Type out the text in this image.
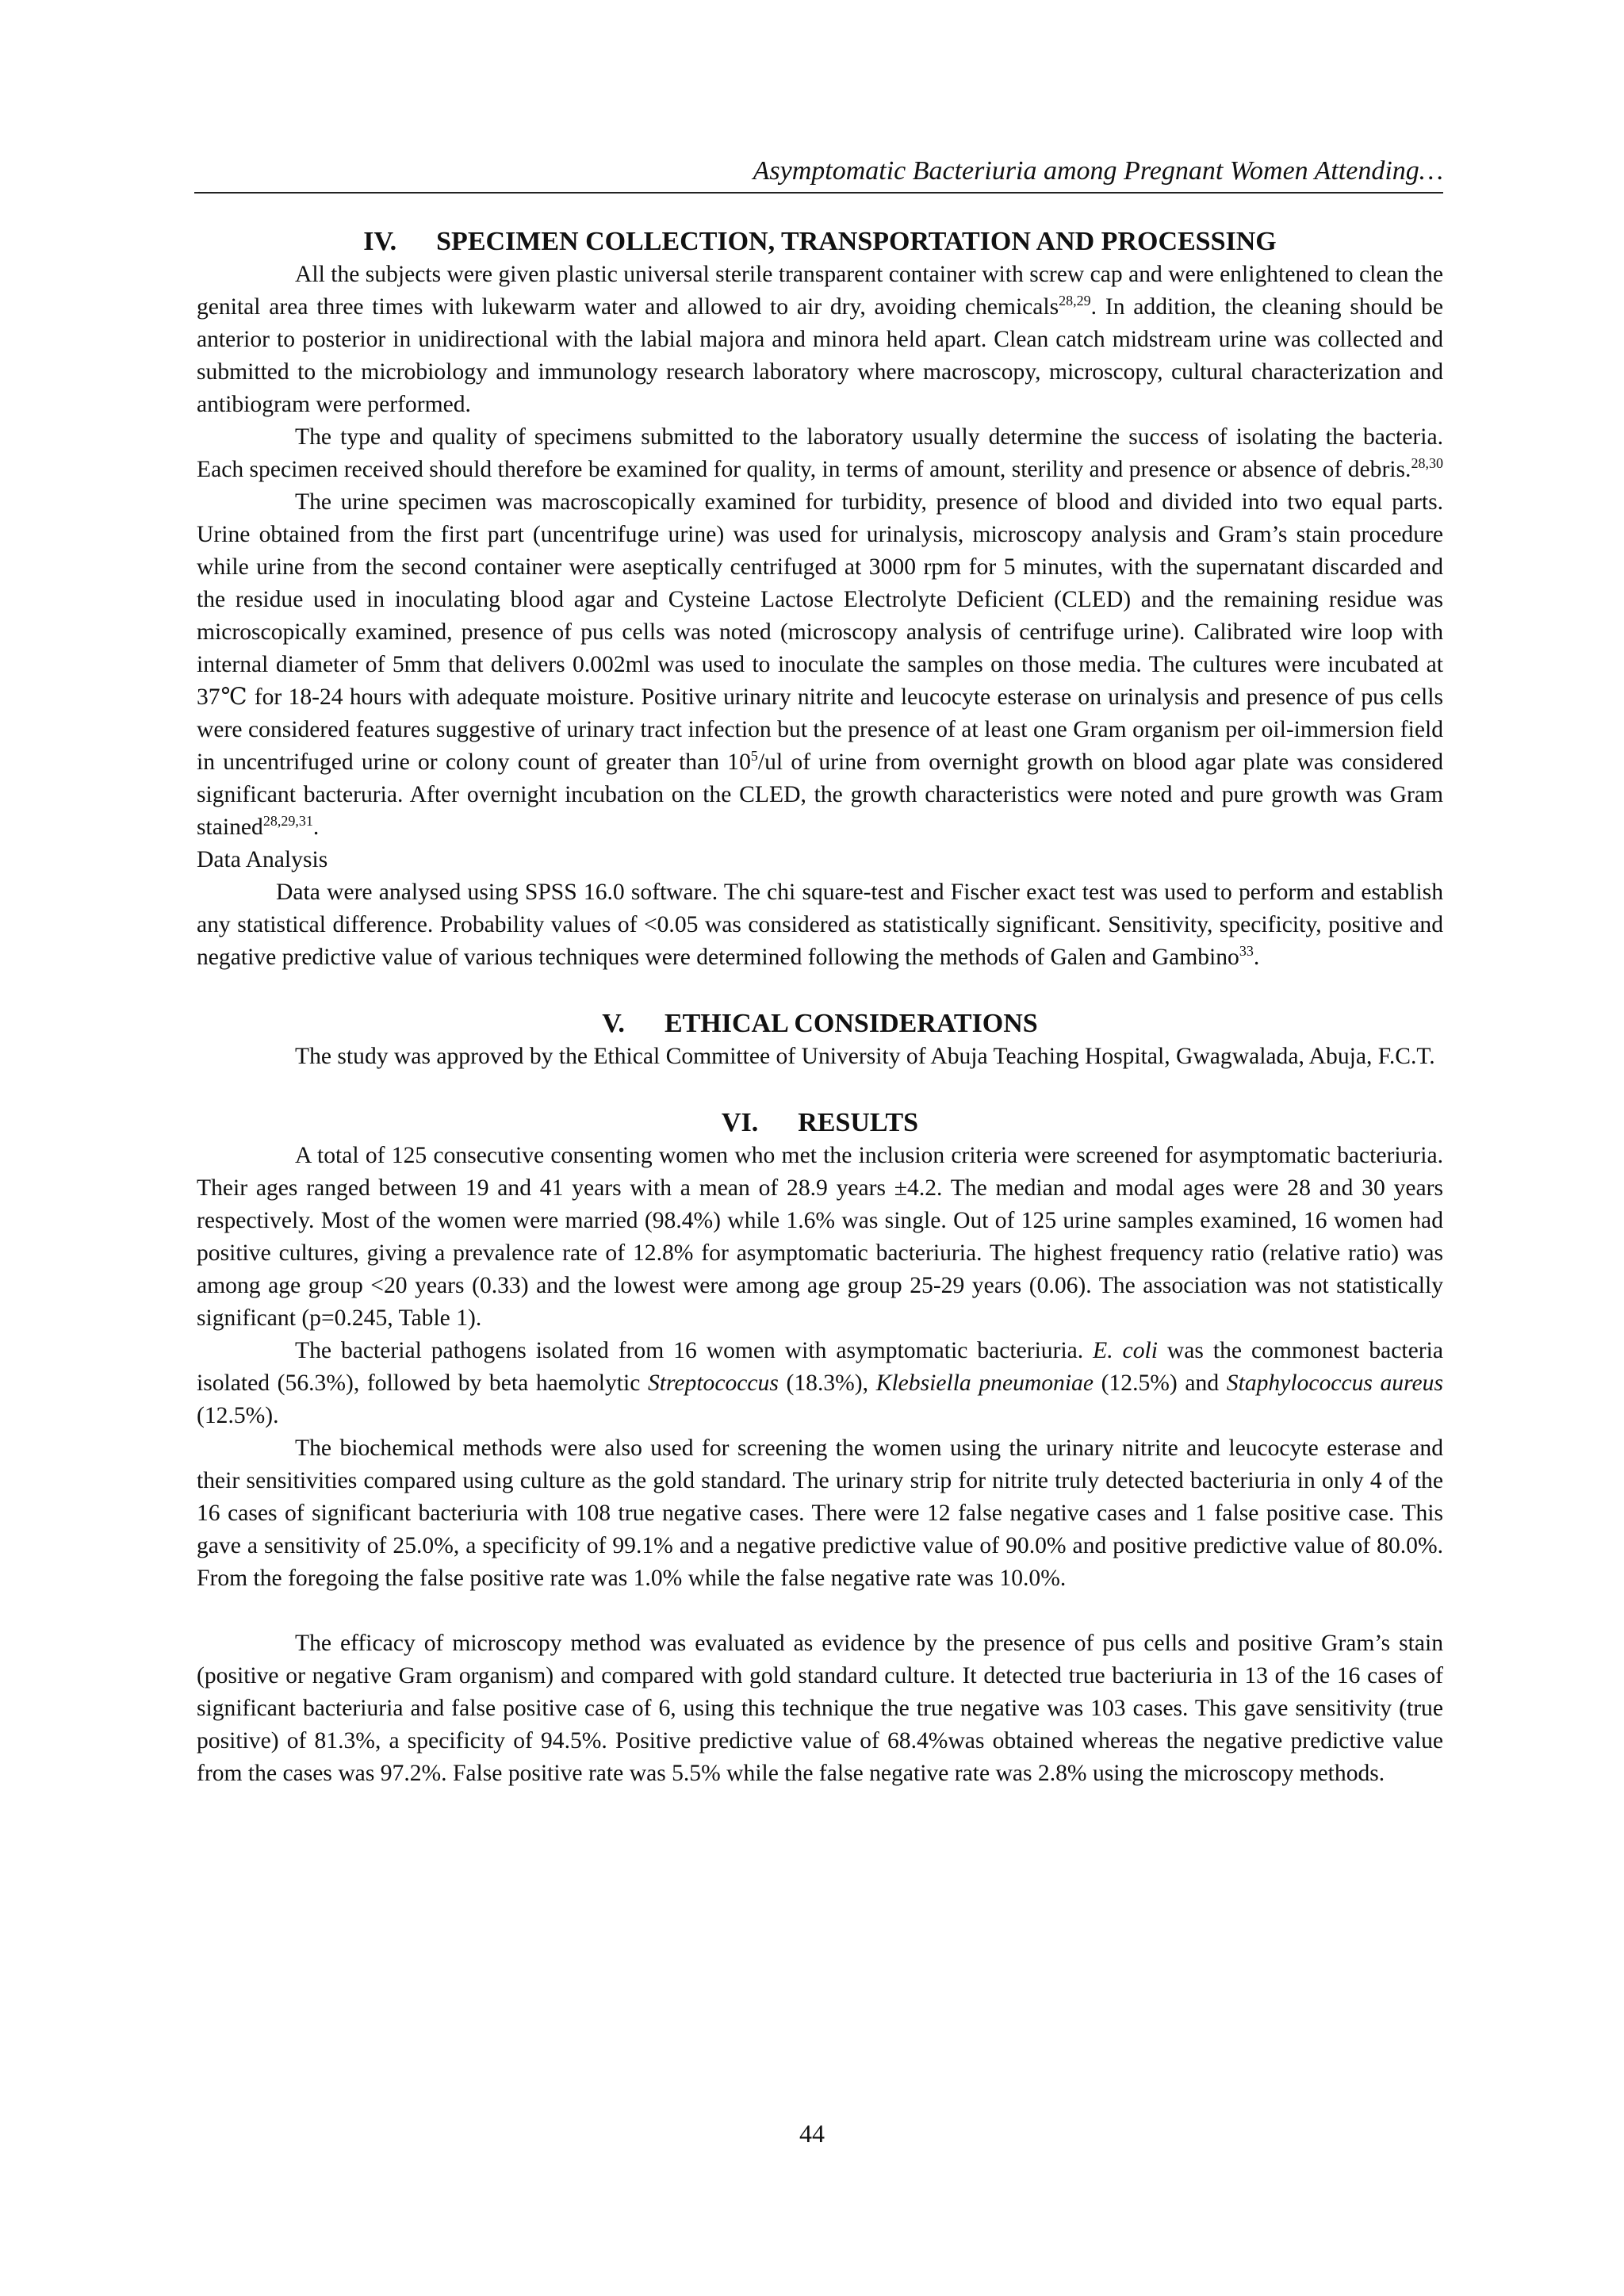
Asymptomatic Bacteriuria among Pregnant Women Attending…
IV. SPECIMEN COLLECTION, TRANSPORTATION AND PROCESSING

All the subjects were given plastic universal sterile transparent container with screw cap and were enlightened to clean the genital area three times with lukewarm water and allowed to air dry, avoiding chemicals$^{28,29}$. In addition, the cleaning should be anterior to posterior in unidirectional with the labial majora and minora held apart. Clean catch midstream urine was collected and submitted to the microbiology and immunology research laboratory where macroscopy, microscopy, cultural characterization and antibiogram were performed.

The type and quality of specimens submitted to the laboratory usually determine the success of isolating the bacteria. Each specimen received should therefore be examined for quality, in terms of amount, sterility and presence or absence of debris.$^{28,30}$

The urine specimen was macroscopically examined for turbidity, presence of blood and divided into two equal parts. Urine obtained from the first part (uncentrifuge urine) was used for urinalysis, microscopy analysis and Gram’s stain procedure while urine from the second container were aseptically centrifuged at 3000 rpm for 5 minutes, with the supernatant discarded and the residue used in inoculating blood agar and Cysteine Lactose Electrolyte Deficient (CLED) and the remaining residue was microscopically examined, presence of pus cells was noted (microscopy analysis of centrifuge urine). Calibrated wire loop with internal diameter of 5mm that delivers 0.002ml was used to inoculate the samples on those media. The cultures were incubated at 37℃ for 18-24 hours with adequate moisture. Positive urinary nitrite and leucocyte esterase on urinalysis and presence of pus cells were considered features suggestive of urinary tract infection but the presence of at least one Gram organism per oil-immersion field in uncentrifuged urine or colony count of greater than $10^5/ul$ of urine from overnight growth on blood agar plate was considered significant bacteruria. After overnight incubation on the CLED, the growth characteristics were noted and pure growth was Gram stained$^{28,29,31}$.

Data Analysis

Data were analysed using SPSS 16.0 software. The chi square-test and Fischer exact test was used to perform and establish any statistical difference. Probability values of <0.05 was considered as statistically significant. Sensitivity, specificity, positive and negative predictive value of various techniques were determined following the methods of Galen and Gambino$^{33}$.

V. ETHICAL CONSIDERATIONS

The study was approved by the Ethical Committee of University of Abuja Teaching Hospital, Gwagwalada, Abuja, F.C.T.

VI. RESULTS

A total of 125 consecutive consenting women who met the inclusion criteria were screened for asymptomatic bacteriuria. Their ages ranged between 19 and 41 years with a mean of 28.9 years ±4.2. The median and modal ages were 28 and 30 years respectively. Most of the women were married (98.4%) while 1.6% was single. Out of 125 urine samples examined, 16 women had positive cultures, giving a prevalence rate of 12.8% for asymptomatic bacteriuria. The highest frequency ratio (relative ratio) was among age group <20 years (0.33) and the lowest were among age group 25-29 years (0.06). The association was not statistically significant (p=0.245, Table 1).

The bacterial pathogens isolated from 16 women with asymptomatic bacteriuria. E. coli was the commonest bacteria isolated (56.3%), followed by beta haemolytic Streptococcus (18.3%), Klebsiella pneumoniae (12.5%) and Staphylococcus aureus (12.5%).

The biochemical methods were also used for screening the women using the urinary nitrite and leucocyte esterase and their sensitivities compared using culture as the gold standard. The urinary strip for nitrite truly detected bacteriuria in only 4 of the 16 cases of significant bacteriuria with 108 true negative cases. There were 12 false negative cases and 1 false positive case. This gave a sensitivity of 25.0%, a specificity of 99.1% and a negative predictive value of 90.0% and positive predictive value of 80.0%. From the foregoing the false positive rate was 1.0% while the false negative rate was 10.0%.

The efficacy of microscopy method was evaluated as evidence by the presence of pus cells and positive Gram’s stain (positive or negative Gram organism) and compared with gold standard culture. It detected true bacteriuria in 13 of the 16 cases of significant bacteriuria and false positive case of 6, using this technique the true negative was 103 cases. This gave sensitivity (true positive) of 81.3%, a specificity of 94.5%. Positive predictive value of 68.4%was obtained whereas the negative predictive value from the cases was 97.2%. False positive rate was 5.5% while the false negative rate was 2.8% using the microscopy methods.

44
